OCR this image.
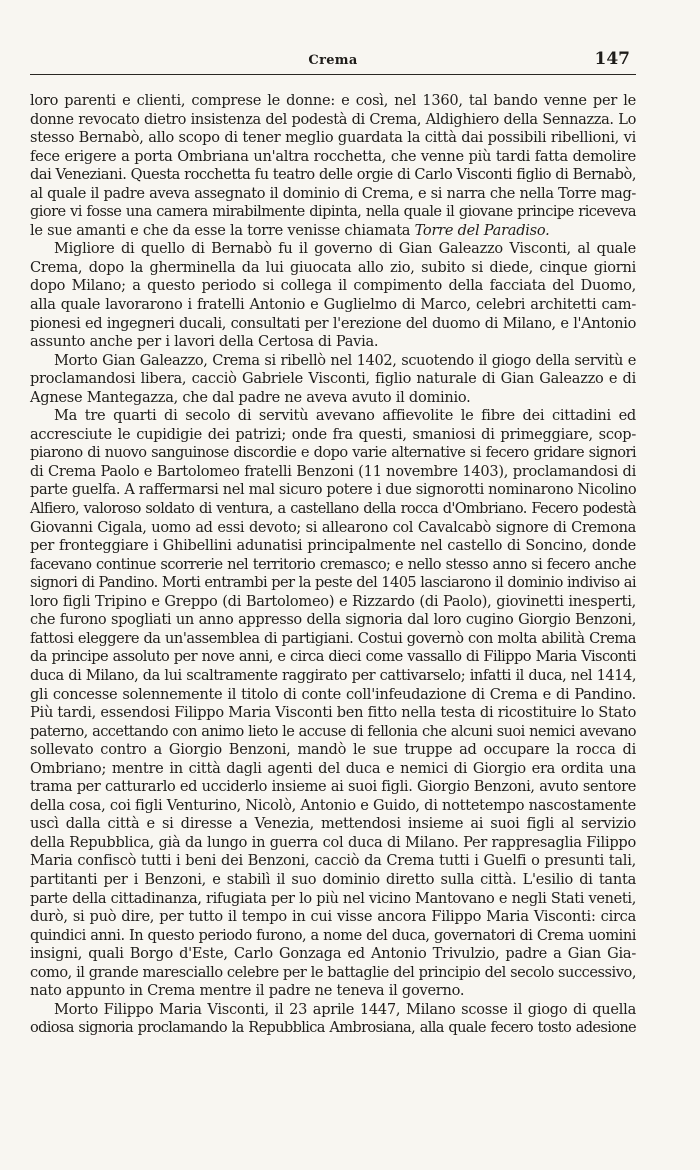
Crema	147

loro parenti e clienti, comprese le donne: e così, nel 1360, tal bando venne per le

donne revocato dietro insistenza del podestà di Crema, Aldighiero della Sennazza. Lo

stesso Bernabò, allo scopo di tener meglio guardata la città dai possibili ribellioni, vi

fece erigere a porta Ombriana un'altra rocchetta, che venne più tardi fatta demolire

dai Veneziani. Questa rocchetta fu teatro delle orgie di Carlo Visconti figlio di Bernabò,

al quale il padre aveva assegnato il dominio di Crema, e si narra che nella Torre mag-

giore vi fosse una camera mirabilmente dipinta, nella quale il giovane principe riceveva

le sue amanti e che da esse la torre venisse chiamata Torre del Paradiso.

Migliore di quello di Bernabò fu il governo di Gian Galeazzo Visconti, al quale

Crema, dopo la gherminella da lui giuocata allo zio, subito si diede, cinque giorni

dopo Milano; a questo periodo si collega il compimento della facciata del Duomo,

alla quale lavorarono i fratelli Antonio e Guglielmo di Marco, celebri architetti cam-

pionesi ed ingegneri ducali, consultati per l'erezione del duomo di Milano, e l'Antonio

assunto anche per i lavori della Certosa di Pavia.

Morto Gian Galeazzo, Crema si ribellò nel 1402, scuotendo il giogo della servitù e

proclamandosi libera, cacciò Gabriele Visconti, figlio naturale di Gian Galeazzo e di

Agnese Mantegazza, che dal padre ne aveva avuto il dominio.

Ma tre quarti di secolo di servitù avevano affievolite le fibre dei cittadini ed

accresciute le cupidigie dei patrizi; onde fra questi, smaniosi di primeggiare, scop-

piarono di nuovo sanguinose discordie e dopo varie alternative si fecero gridare signori

di Crema Paolo e Bartolomeo fratelli Benzoni (11 novembre 1403), proclamandosi di

parte guelfa. A raffermarsi nel mal sicuro potere i due signorotti nominarono Nicolino

Alfiero, valoroso soldato di ventura, a castellano della rocca d'Ombriano. Fecero podestà

Giovanni Cigala, uomo ad essi devoto; si allearono col Cavalcabò signore di Cremona

per fronteggiare i Ghibellini adunatisi principalmente nel castello di Soncino, donde

facevano continue scorrerie nel territorio cremasco; e nello stesso anno si fecero anche

signori di Pandino. Morti entrambi per la peste del 1405 lasciarono il dominio indiviso ai

loro figli Tripino e Greppo (di Bartolomeo) e Rizzardo (di Paolo), giovinetti inesperti,

che furono spogliati un anno appresso della signoria dal loro cugino Giorgio Benzoni,

fattosi eleggere da un'assemblea di partigiani. Costui governò con molta abilità Crema

da principe assoluto per nove anni, e circa dieci come vassallo di Filippo Maria Visconti

duca di Milano, da lui scaltramente raggirato per cattivarselo; infatti il duca, nel 1414,

gli concesse solennemente il titolo di conte coll'infeudazione di Crema e di Pandino.

Più tardi, essendosi Filippo Maria Visconti ben fitto nella testa di ricostituire lo Stato

paterno, accettando con animo lieto le accuse di fellonia che alcuni suoi nemici avevano

sollevato contro a Giorgio Benzoni, mandò le sue truppe ad occupare la rocca di

Ombriano; mentre in città dagli agenti del duca e nemici di Giorgio era ordita una

trama per catturarlo ed ucciderlo insieme ai suoi figli. Giorgio Benzoni, avuto sentore

della cosa, coi figli Venturino, Nicolò, Antonio e Guido, di nottetempo nascostamente

uscì dalla città e si diresse a Venezia, mettendosi insieme ai suoi figli al servizio

della Repubblica, già da lungo in guerra col duca di Milano. Per rappresaglia Filippo

Maria confiscò tutti i beni dei Benzoni, cacciò da Crema tutti i Guelfi o presunti tali,

partitanti per i Benzoni, e stabilì il suo dominio diretto sulla città. L'esilio di tanta

parte della cittadinanza, rifugiata per lo più nel vicino Mantovano e negli Stati veneti,

durò, si può dire, per tutto il tempo in cui visse ancora Filippo Maria Visconti: circa

quindici anni. In questo periodo furono, a nome del duca, governatori di Crema uomini

insigni, quali Borgo d'Este, Carlo Gonzaga ed Antonio Trivulzio, padre a Gian Gia-

como, il grande maresciallo celebre per le battaglie del principio del secolo successivo,

nato appunto in Crema mentre il padre ne teneva il governo.

Morto Filippo Maria Visconti, il 23 aprile 1447, Milano scosse il giogo di quella

odiosa signoria proclamando la Repubblica Ambrosiana, alla quale fecero tosto adesione
